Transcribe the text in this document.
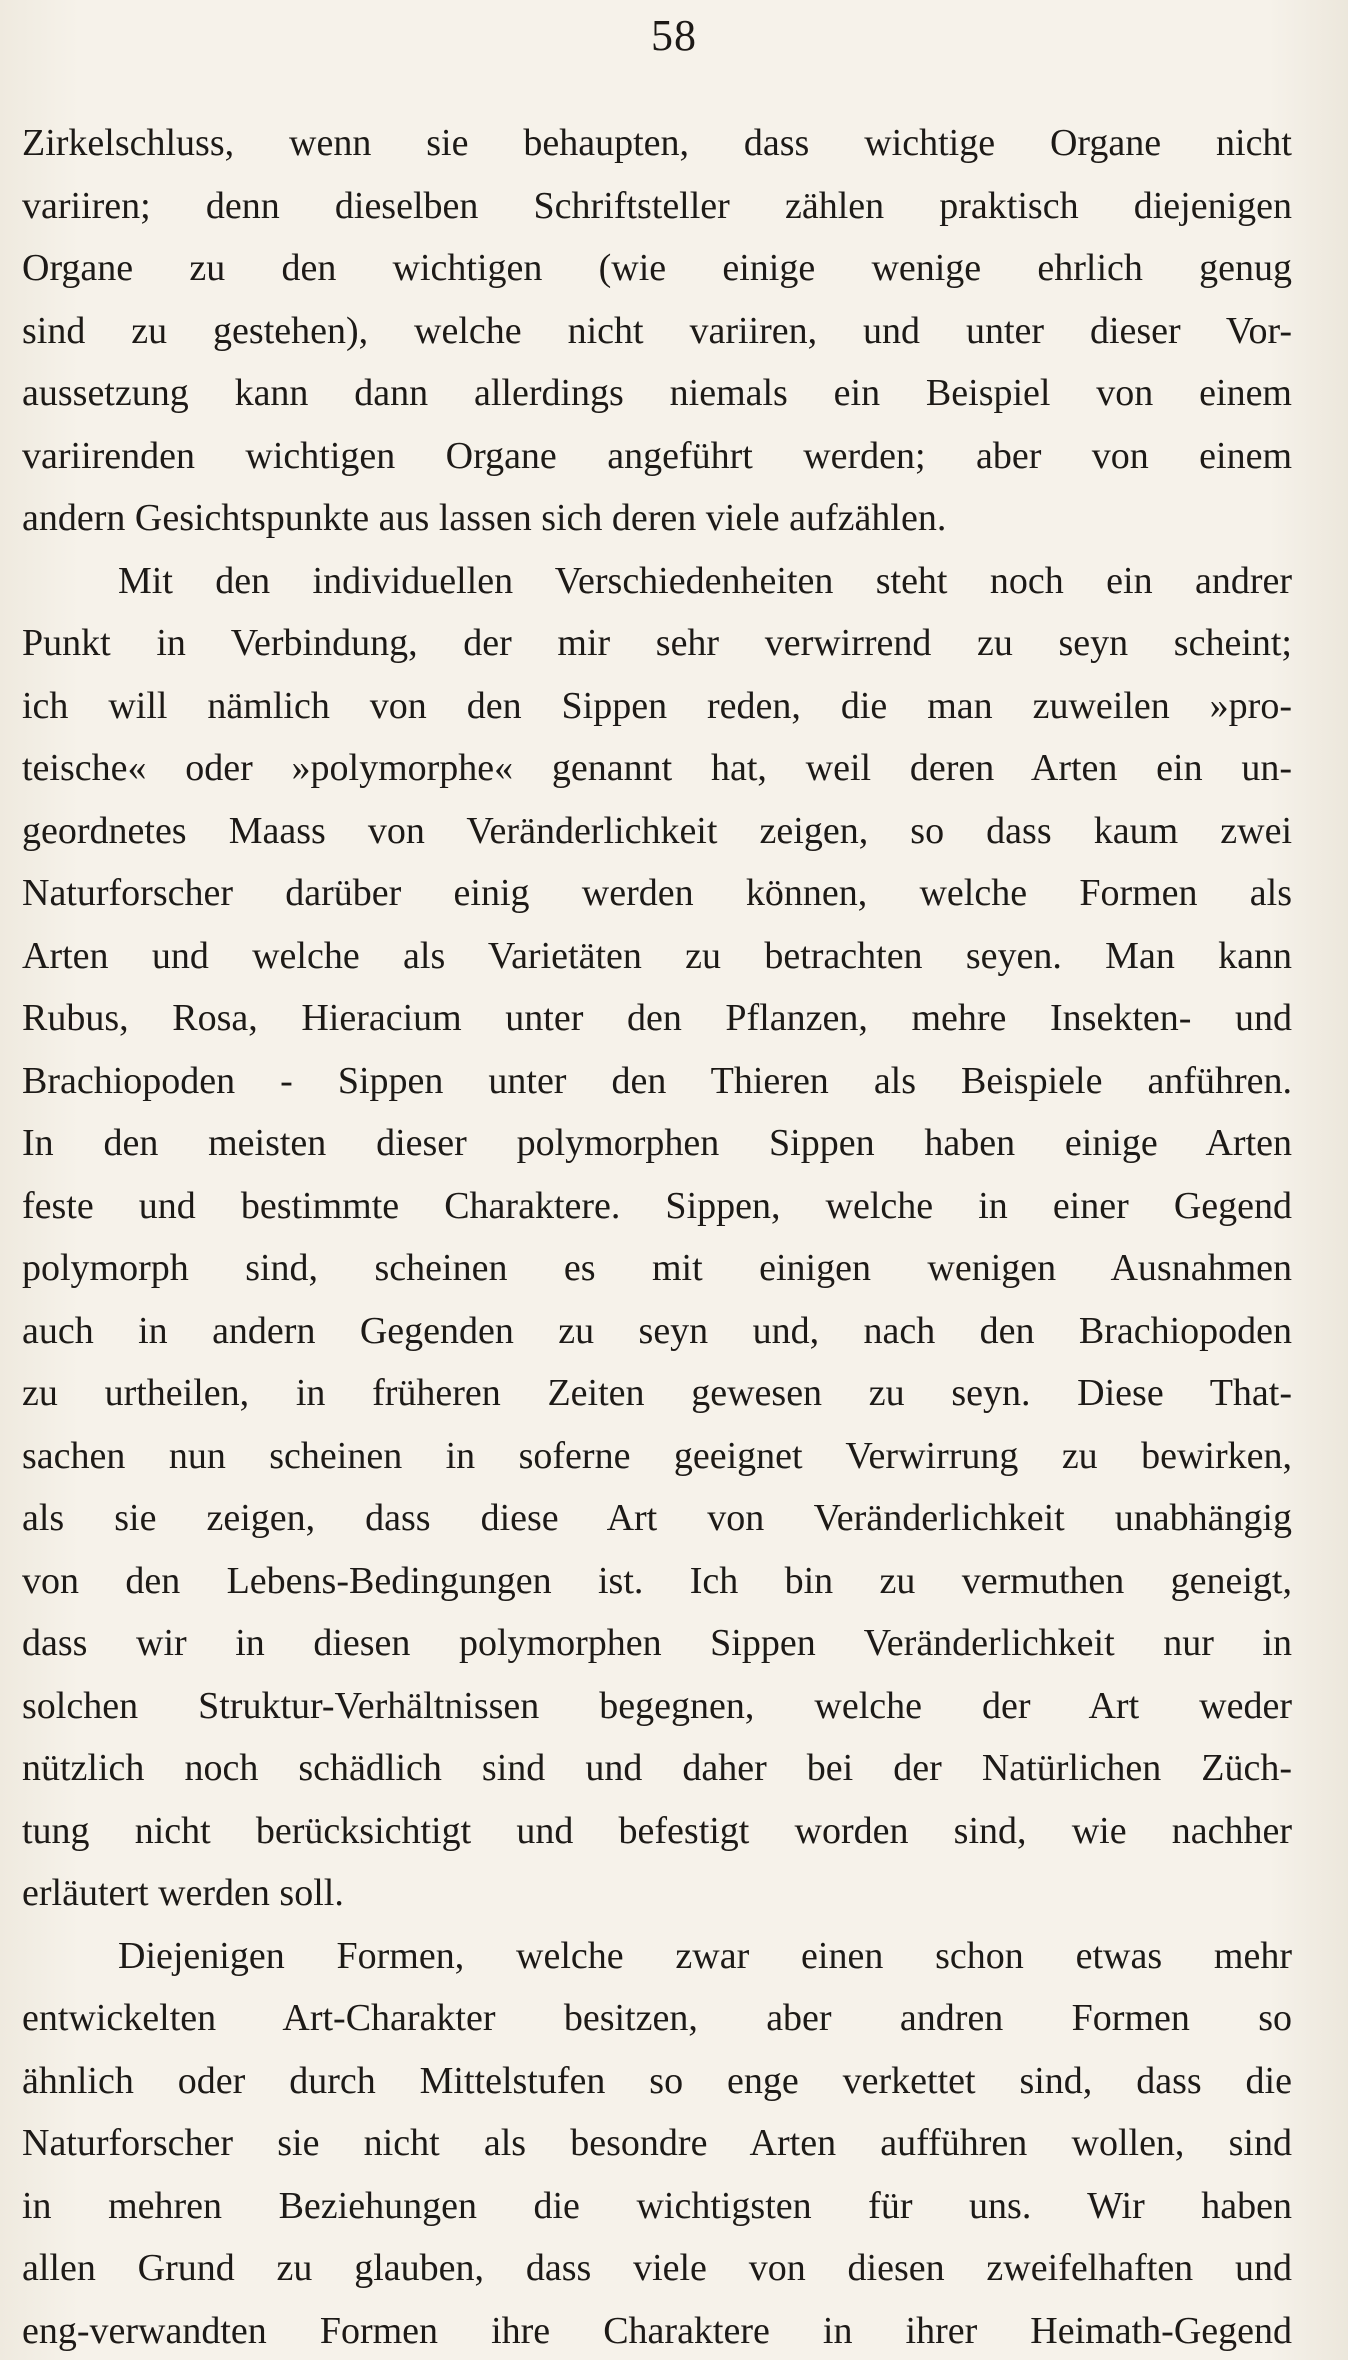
58
Zirkelschluss, wenn sie behaupten, dass wichtige Organe nicht
variiren; denn dieselben Schriftsteller zählen praktisch diejenigen
Organe zu den wichtigen (wie einige wenige ehrlich genug
sind zu gestehen), welche nicht variiren, und unter dieser Vor-
aussetzung kann dann allerdings niemals ein Beispiel von einem
variirenden wichtigen Organe angeführt werden; aber von einem
andern Gesichtspunkte aus lassen sich deren viele aufzählen.
Mit den individuellen Verschiedenheiten steht noch ein andrer
Punkt in Verbindung, der mir sehr verwirrend zu seyn scheint;
ich will nämlich von den Sippen reden, die man zuweilen »pro-
teische« oder »polymorphe« genannt hat, weil deren Arten ein un-
geordnetes Maass von Veränderlichkeit zeigen, so dass kaum zwei
Naturforscher darüber einig werden können, welche Formen als
Arten und welche als Varietäten zu betrachten seyen. Man kann
Rubus, Rosa, Hieracium unter den Pflanzen, mehre Insekten- und
Brachiopoden - Sippen unter den Thieren als Beispiele anführen.
In den meisten dieser polymorphen Sippen haben einige Arten
feste und bestimmte Charaktere. Sippen, welche in einer Gegend
polymorph sind, scheinen es mit einigen wenigen Ausnahmen
auch in andern Gegenden zu seyn und, nach den Brachiopoden
zu urtheilen, in früheren Zeiten gewesen zu seyn. Diese That-
sachen nun scheinen in soferne geeignet Verwirrung zu bewirken,
als sie zeigen, dass diese Art von Veränderlichkeit unabhängig
von den Lebens-Bedingungen ist. Ich bin zu vermuthen geneigt,
dass wir in diesen polymorphen Sippen Veränderlichkeit nur in
solchen Struktur-Verhältnissen begegnen, welche der Art weder
nützlich noch schädlich sind und daher bei der Natürlichen Züch-
tung nicht berücksichtigt und befestigt worden sind, wie nachher
erläutert werden soll.
Diejenigen Formen, welche zwar einen schon etwas mehr
entwickelten Art-Charakter besitzen, aber andren Formen so
ähnlich oder durch Mittelstufen so enge verkettet sind, dass die
Naturforscher sie nicht als besondre Arten aufführen wollen, sind
in mehren Beziehungen die wichtigsten für uns. Wir haben
allen Grund zu glauben, dass viele von diesen zweifelhaften und
eng-verwandten Formen ihre Charaktere in ihrer Heimath-Gegend
